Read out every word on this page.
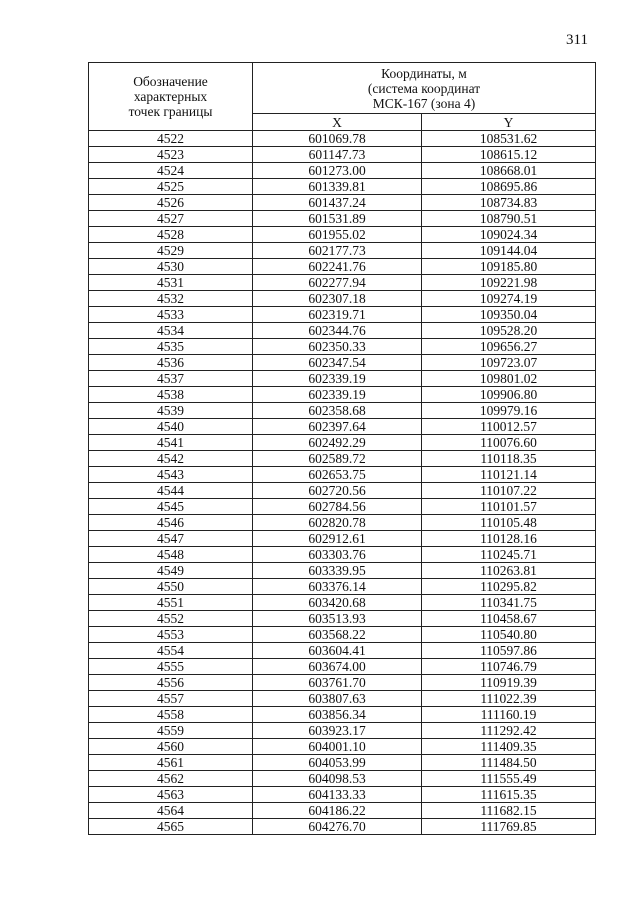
311
Обозначение
характерных
точек границы	Координаты, м
(система координат
МСК-167 (зона 4)	

	X	Y
4522	601069.78	108531.62
4523	601147.73	108615.12
4524	601273.00	108668.01
4525	601339.81	108695.86
4526	601437.24	108734.83
4527	601531.89	108790.51
4528	601955.02	109024.34
4529	602177.73	109144.04
4530	602241.76	109185.80
4531	602277.94	109221.98
4532	602307.18	109274.19
4533	602319.71	109350.04
4534	602344.76	109528.20
4535	602350.33	109656.27
4536	602347.54	109723.07
4537	602339.19	109801.02
4538	602339.19	109906.80
4539	602358.68	109979.16
4540	602397.64	110012.57
4541	602492.29	110076.60
4542	602589.72	110118.35
4543	602653.75	110121.14
4544	602720.56	110107.22
4545	602784.56	110101.57
4546	602820.78	110105.48
4547	602912.61	110128.16
4548	603303.76	110245.71
4549	603339.95	110263.81
4550	603376.14	110295.82
4551	603420.68	110341.75
4552	603513.93	110458.67
4553	603568.22	110540.80
4554	603604.41	110597.86
4555	603674.00	110746.79
4556	603761.70	110919.39
4557	603807.63	111022.39
4558	603856.34	111160.19
4559	603923.17	111292.42
4560	604001.10	111409.35
4561	604053.99	111484.50
4562	604098.53	111555.49
4563	604133.33	111615.35
4564	604186.22	111682.15
4565	604276.70	111769.85
